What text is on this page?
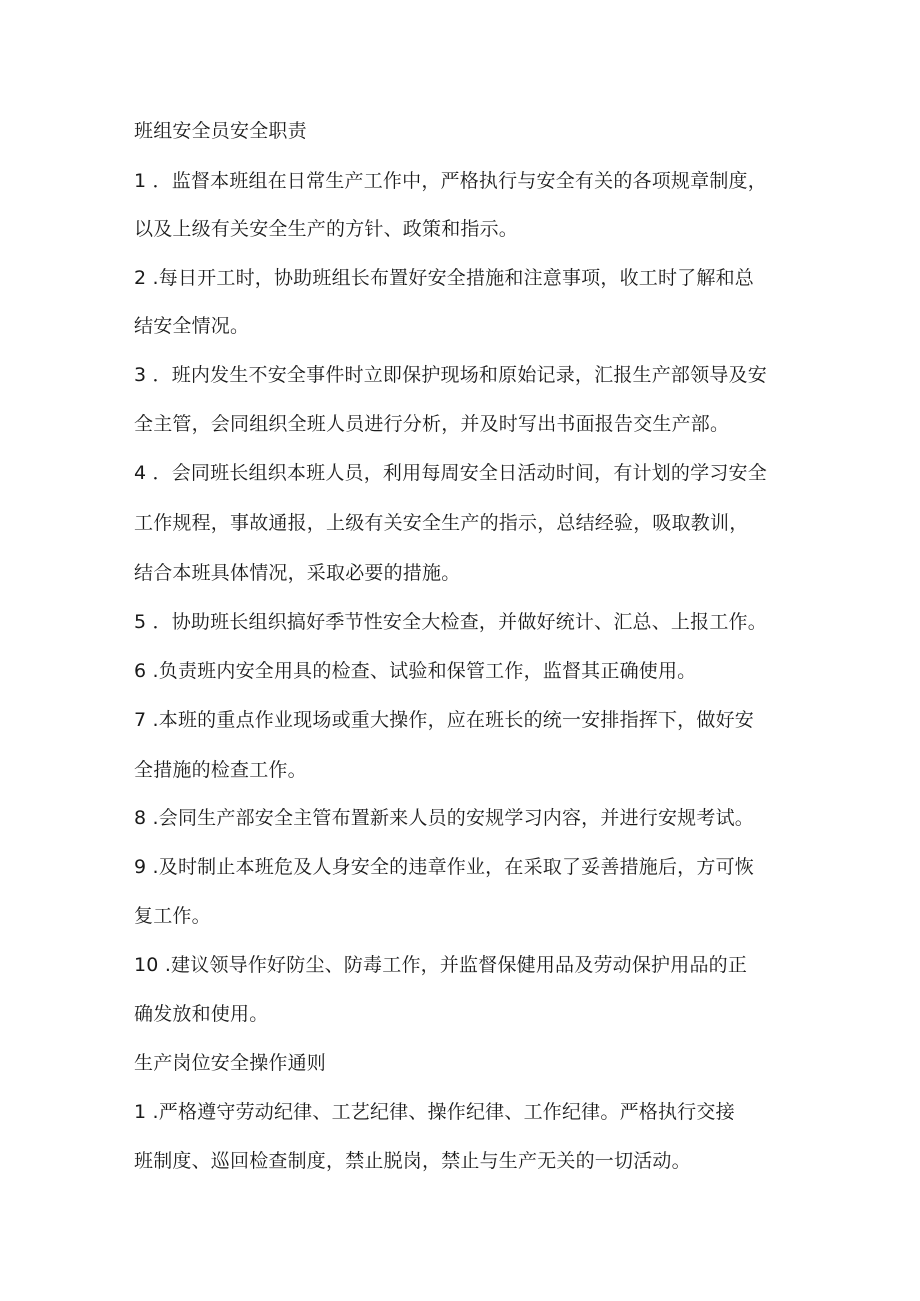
班组安全员安全职责
1 ．监督本班组在日常生产工作中，严格执行与安全有关的各项规章制度，
以及上级有关安全生产的方针、政策和指示。
2 .每日开工时，协助班组长布置好安全措施和注意事项，收工时了解和总
结安全情况。
3 ．班内发生不安全事件时立即保护现场和原始记录，汇报生产部领导及安
全主管，会同组织全班人员进行分析，并及时写出书面报告交生产部。
4 ．会同班长组织本班人员，利用每周安全日活动时间，有计划的学习安全
工作规程，事故通报，上级有关安全生产的指示，总结经验，吸取教训，
结合本班具体情况，采取必要的措施。
5 ．协助班长组织搞好季节性安全大检查，并做好统计、汇总、上报工作。
6 .负责班内安全用具的检查、试验和保管工作，监督其正确使用。
7 .本班的重点作业现场或重大操作，应在班长的统一安排指挥下，做好安
全措施的检查工作。
8 .会同生产部安全主管布置新来人员的安规学习内容，并进行安规考试。
9 .及时制止本班危及人身安全的违章作业，在采取了妥善措施后，方可恢
复工作。
10 .建议领导作好防尘、防毒工作，并监督保健用品及劳动保护用品的正
确发放和使用。
生产岗位安全操作通则
1 .严格遵守劳动纪律、工艺纪律、操作纪律、工作纪律。严格执行交接
班制度、巡回检查制度，禁止脱岗，禁止与生产无关的一切活动。
